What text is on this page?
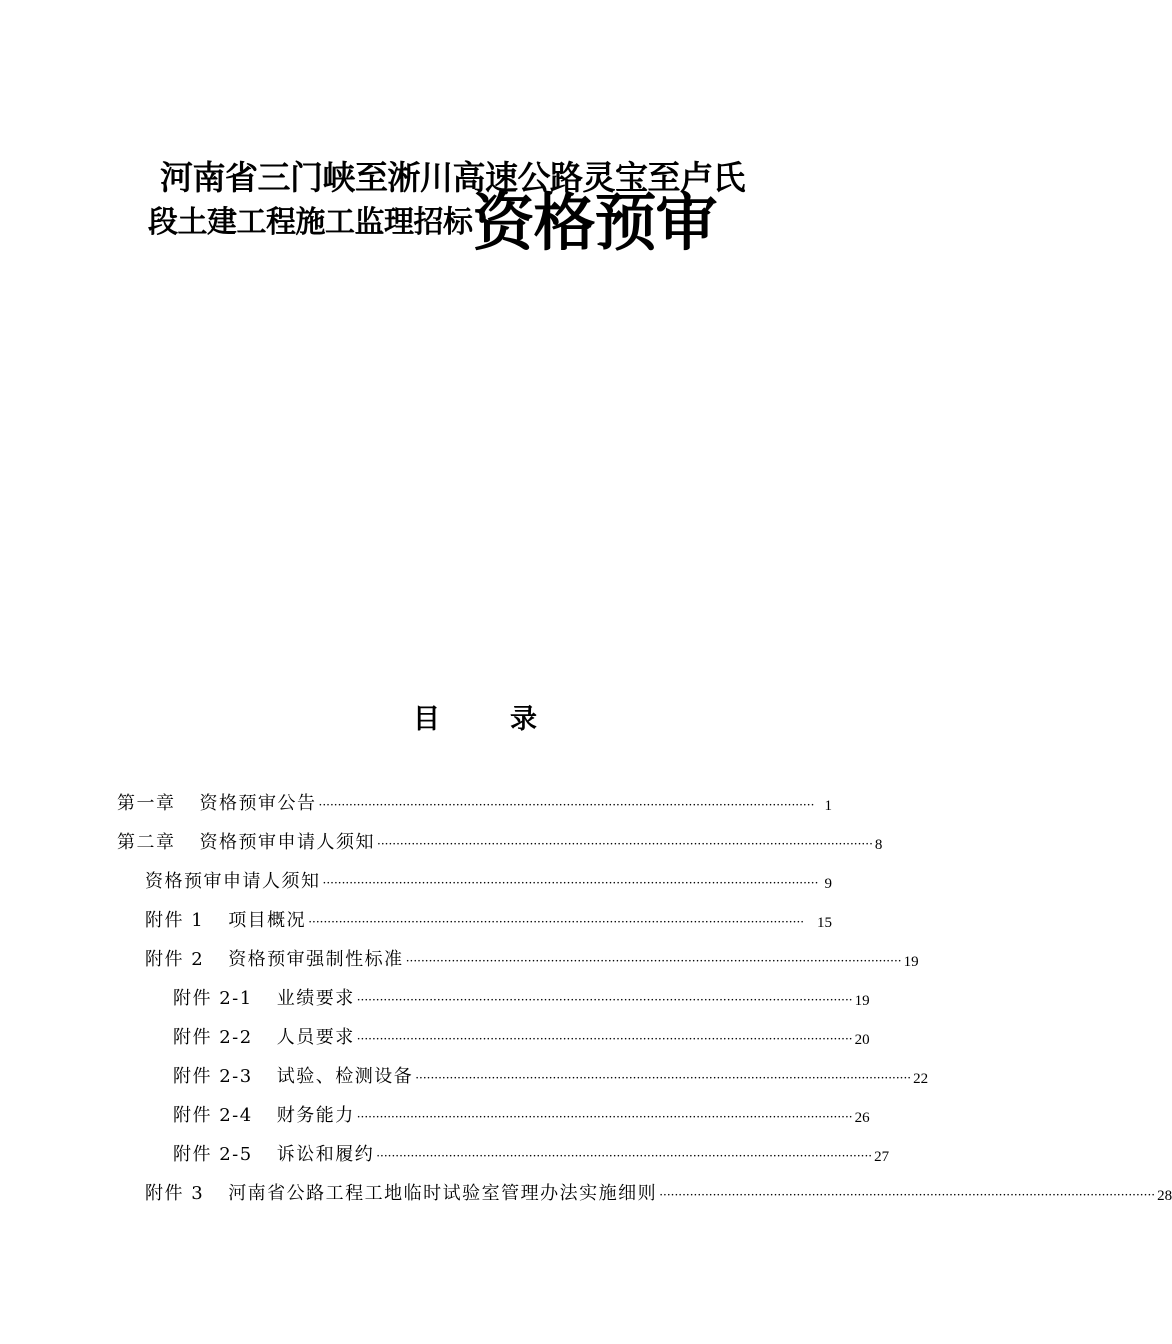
河南省三门峡至淅川高速公路灵宝至卢氏
段土建工程施工监理招标资格预审
目	录
第一章 资格预审公告 ·································································································································· 1
第二章 资格预审申请人须知 ·································································································································· 8
资格预审申请人须知 ·································································································································· 9
附件 1 项目概况 ·································································································································· 15
附件 2 资格预审强制性标准 ·································································································································· 19
附件 2-1 业绩要求 ·································································································································· 19
附件 2-2 人员要求 ·································································································································· 20
附件 2-3 试验、检测设备 ·································································································································· 22
附件 2-4 财务能力 ·································································································································· 26
附件 2-5 诉讼和履约 ·································································································································· 27
附件 3 河南省公路工程工地临时试验室管理办法实施细则 ·································································································································· 28
